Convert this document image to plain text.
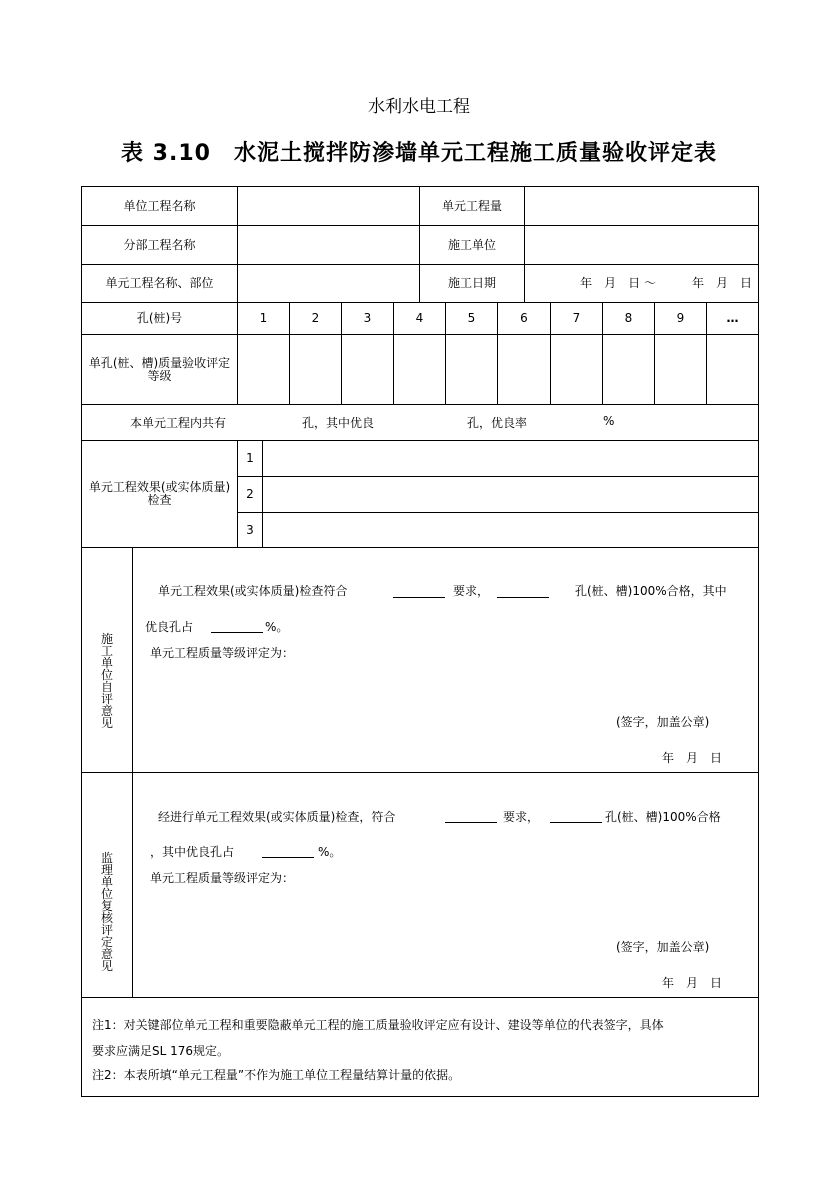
水利水电工程
表 3.10　水泥土搅拌防渗墙单元工程施工质量验收评定表
单位工程名称	单元工程量
分部工程名称	施工单位
单元工程名称、部位	施工日期	年　月　日 ～　　　年　月　日
孔(桩)号	1	2	3	4	5	6	7	8	9	…
单孔(桩、槽)质量验收评定等级
本单元工程内共有	孔，其中优良	孔，优良率	%
单元工程效果(或实体质量)检查
1
2
3
施工单位自评意见
单元工程效果(或实体质量)检查符合	要求，	孔(桩、槽)100%合格，其中
优良孔占	%。
单元工程质量等级评定为：
(签字，加盖公章)
年　月　日
监理单位复核评定意见
经进行单元工程效果(或实体质量)检查，符合	要求，	孔(桩、槽)100%合格
，其中优良孔占	%。
单元工程质量等级评定为：
(签字，加盖公章)
年　月　日
注1：对关键部位单元工程和重要隐蔽单元工程的施工质量验收评定应有设计、建设等单位的代表签字，具体
要求应满足SL 176规定。
注2：本表所填“单元工程量”不作为施工单位工程量结算计量的依据。
